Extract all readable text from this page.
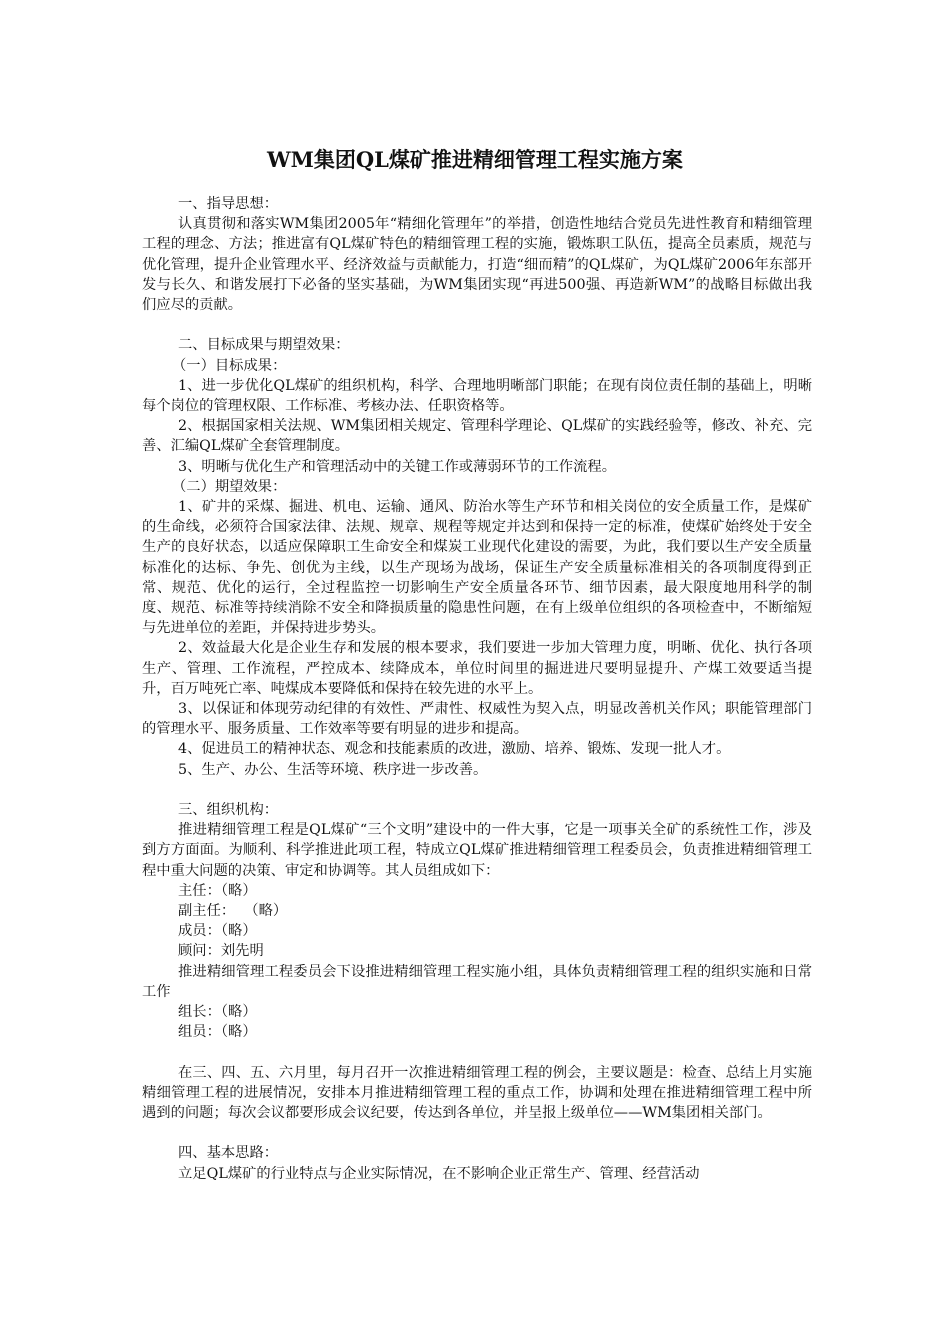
WM集团QL煤矿推进精细管理工程实施方案

一、指导思想：

认真贯彻和落实WM集团2005年“精细化管理年”的举措，创造性地结合党员先进性教育和精细管理工程的理念、方法；推进富有QL煤矿特色的精细管理工程的实施，锻炼职工队伍，提高全员素质，规范与优化管理，提升企业管理水平、经济效益与贡献能力，打造“细而精”的QL煤矿，为QL煤矿2006年东部开发与长久、和谐发展打下必备的坚实基础，为WM集团实现“再进500强、再造新WM”的战略目标做出我们应尽的贡献。

二、目标成果与期望效果：

（一）目标成果：

1、进一步优化QL煤矿的组织机构，科学、合理地明晰部门职能；在现有岗位责任制的基础上，明晰每个岗位的管理权限、工作标准、考核办法、任职资格等。

2、根据国家相关法规、WM集团相关规定、管理科学理论、QL煤矿的实践经验等，修改、补充、完善、汇编QL煤矿全套管理制度。

3、明晰与优化生产和管理活动中的关键工作或薄弱环节的工作流程。

（二）期望效果：

1、矿井的采煤、掘进、机电、运输、通风、防治水等生产环节和相关岗位的安全质量工作，是煤矿的生命线，必须符合国家法律、法规、规章、规程等规定并达到和保持一定的标准，使煤矿始终处于安全生产的良好状态，以适应保障职工生命安全和煤炭工业现代化建设的需要，为此，我们要以生产安全质量标准化的达标、争先、创优为主线，以生产现场为战场，保证生产安全质量标准相关的各项制度得到正常、规范、优化的运行，全过程监控一切影响生产安全质量各环节、细节因素，最大限度地用科学的制度、规范、标准等持续消除不安全和降损质量的隐患性问题，在有上级单位组织的各项检查中，不断缩短与先进单位的差距，并保持进步势头。

2、效益最大化是企业生存和发展的根本要求，我们要进一步加大管理力度，明晰、优化、执行各项生产、管理、工作流程，严控成本、续降成本，单位时间里的掘进进尺要明显提升、产煤工效要适当提升，百万吨死亡率、吨煤成本要降低和保持在较先进的水平上。

3、以保证和体现劳动纪律的有效性、严肃性、权威性为契入点，明显改善机关作风；职能管理部门的管理水平、服务质量、工作效率等要有明显的进步和提高。

4、促进员工的精神状态、观念和技能素质的改进，激励、培养、锻炼、发现一批人才。

5、生产、办公、生活等环境、秩序进一步改善。

三、组织机构：

推进精细管理工程是QL煤矿“三个文明”建设中的一件大事，它是一项事关全矿的系统性工作，涉及到方方面面。为顺利、科学推进此项工程，特成立QL煤矿推进精细管理工程委员会，负责推进精细管理工程中重大问题的决策、审定和协调等。其人员组成如下：

主任：（略）

副主任：  （略）

成员：（略）

顾问：刘先明

推进精细管理工程委员会下设推进精细管理工程实施小组，具体负责精细管理工程的组织实施和日常工作

组长：（略）

组员：（略）

在三、四、五、六月里，每月召开一次推进精细管理工程的例会，主要议题是：检查、总结上月实施精细管理工程的进展情况，安排本月推进精细管理工程的重点工作，协调和处理在推进精细管理工程中所遇到的问题；每次会议都要形成会议纪要，传达到各单位，并呈报上级单位——WM集团相关部门。

四、基本思路：

立足QL煤矿的行业特点与企业实际情况，在不影响企业正常生产、管理、经营活动
